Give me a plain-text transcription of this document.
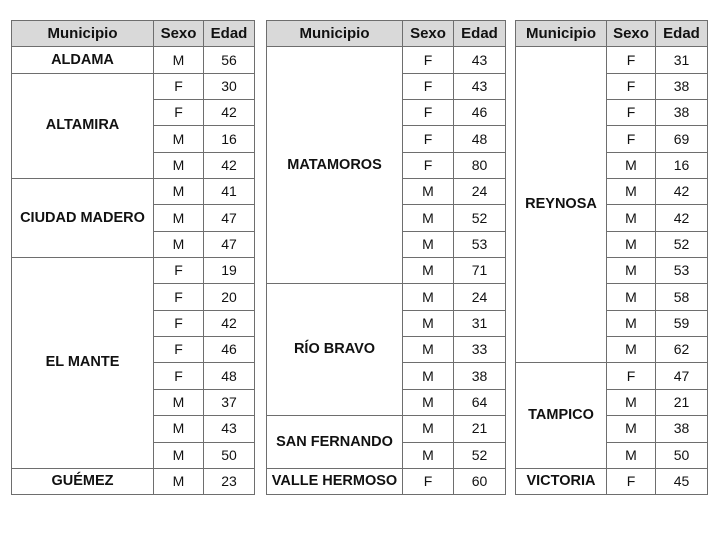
Municipio	Sexo	Edad
ALDAMA	M	56
ALTAMIRA	F	30
	F	42
	M	16
	M	42
CIUDAD MADERO	M	41
	M	47
	M	47
EL MANTE	F	19
	F	20
	F	42
	F	46
	F	48
	M	37
	M	43
	M	50
GUÉMEZ	M	23
Municipio	Sexo	Edad
MATAMOROS	F	43
	F	43
	F	46
	F	48
	F	80
	M	24
	M	52
	M	53
	M	71
RÍO BRAVO	M	24
	M	31
	M	33
	M	38
	M	64
SAN FERNANDO	M	21
	M	52
VALLE HERMOSO	F	60
Municipio	Sexo	Edad
REYNOSA	F	31
	F	38
	F	38
	F	69
	M	16
	M	42
	M	42
	M	52
	M	53
	M	58
	M	59
	M	62
TAMPICO	F	47
	M	21
	M	38
	M	50
VICTORIA	F	45
